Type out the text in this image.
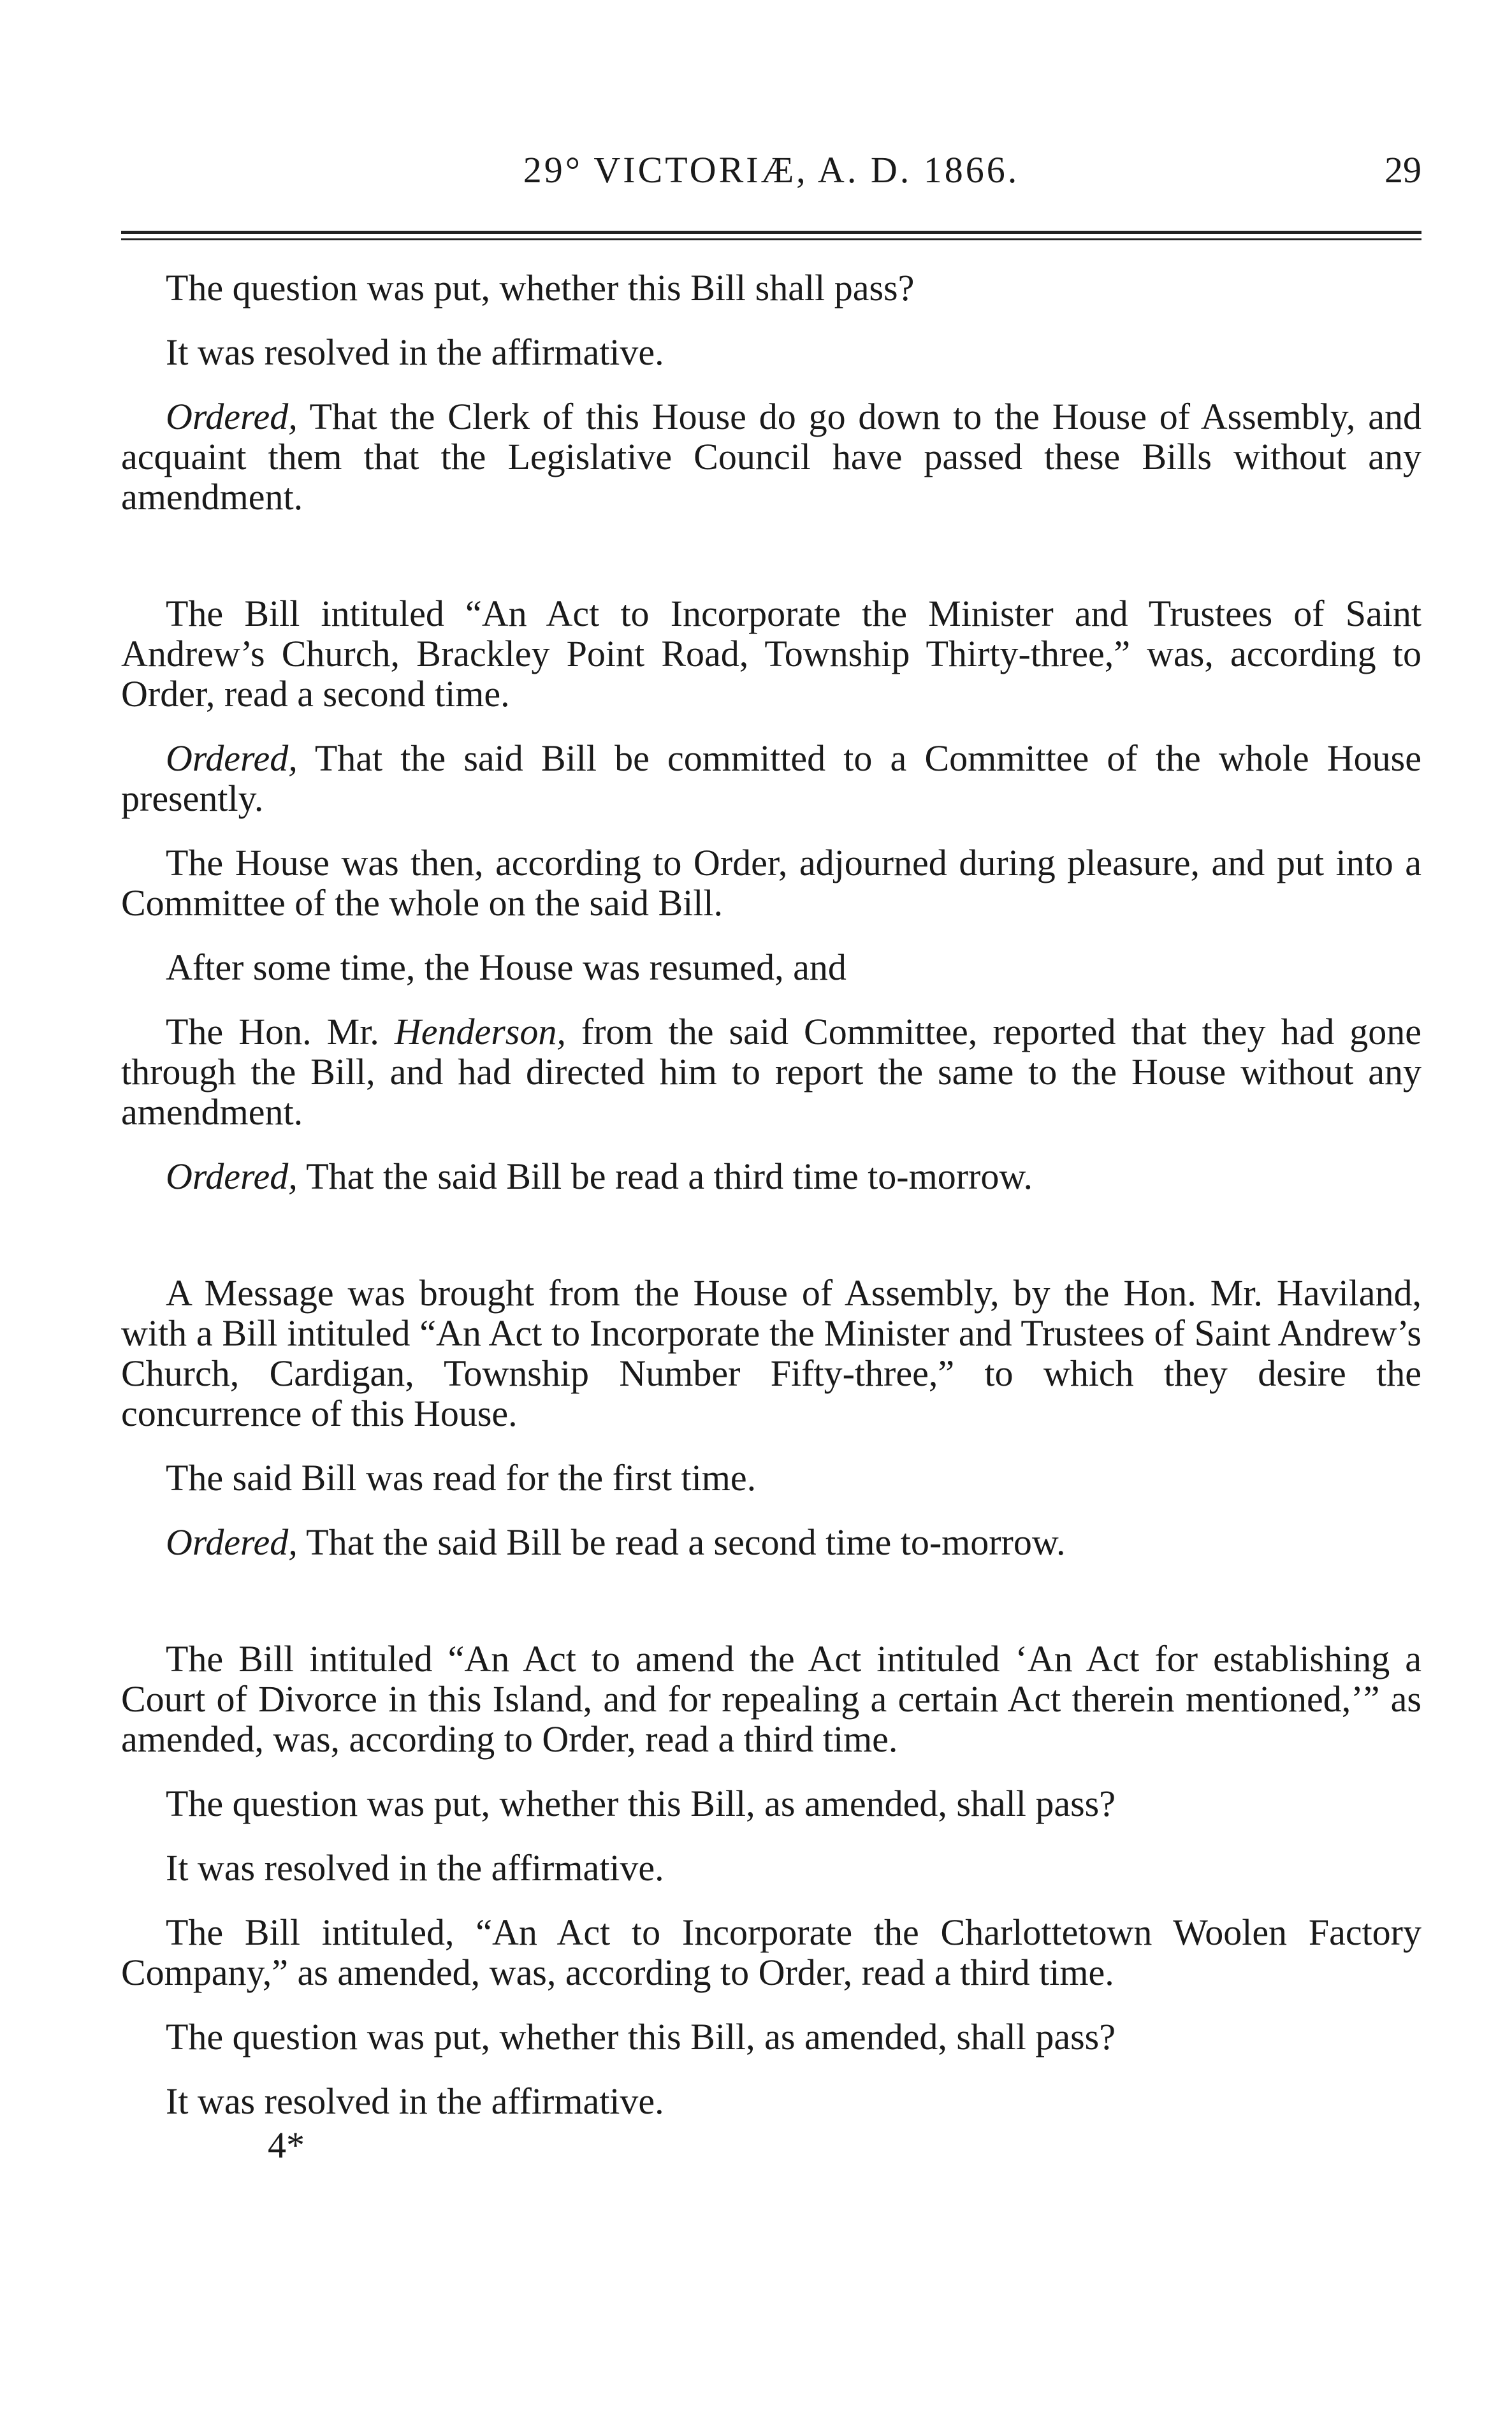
29° VICTORIÆ, A. D. 1866.	29

The question was put, whether this Bill shall pass?

It was resolved in the affirmative.

Ordered, That the Clerk of this House do go down to the House of Assembly, and acquaint them that the Legislative Council have passed these Bills without any amendment.

The Bill intituled “An Act to Incorporate the Minister and Trustees of Saint Andrew’s Church, Brackley Point Road, Township Thirty-three,” was, according to Order, read a second time.

Ordered, That the said Bill be committed to a Committee of the whole House presently.

The House was then, according to Order, adjourned during pleasure, and put into a Committee of the whole on the said Bill.

After some time, the House was resumed, and

The Hon. Mr. Henderson, from the said Committee, reported that they had gone through the Bill, and had directed him to report the same to the House without any amendment.

Ordered, That the said Bill be read a third time to-morrow.

A Message was brought from the House of Assembly, by the Hon. Mr. Haviland, with a Bill intituled “An Act to Incorporate the Minister and Trustees of Saint Andrew’s Church, Cardigan, Township Number Fifty-three,” to which they desire the concurrence of this House.

The said Bill was read for the first time.

Ordered, That the said Bill be read a second time to-morrow.

The Bill intituled “An Act to amend the Act intituled ‘An Act for establishing a Court of Divorce in this Island, and for repealing a certain Act therein mentioned,’” as amended, was, according to Order, read a third time.

The question was put, whether this Bill, as amended, shall pass?

It was resolved in the affirmative.

The Bill intituled, “An Act to Incorporate the Charlottetown Woolen Factory Company,” as amended, was, according to Order, read a third time.

The question was put, whether this Bill, as amended, shall pass?

It was resolved in the affirmative.

4*
